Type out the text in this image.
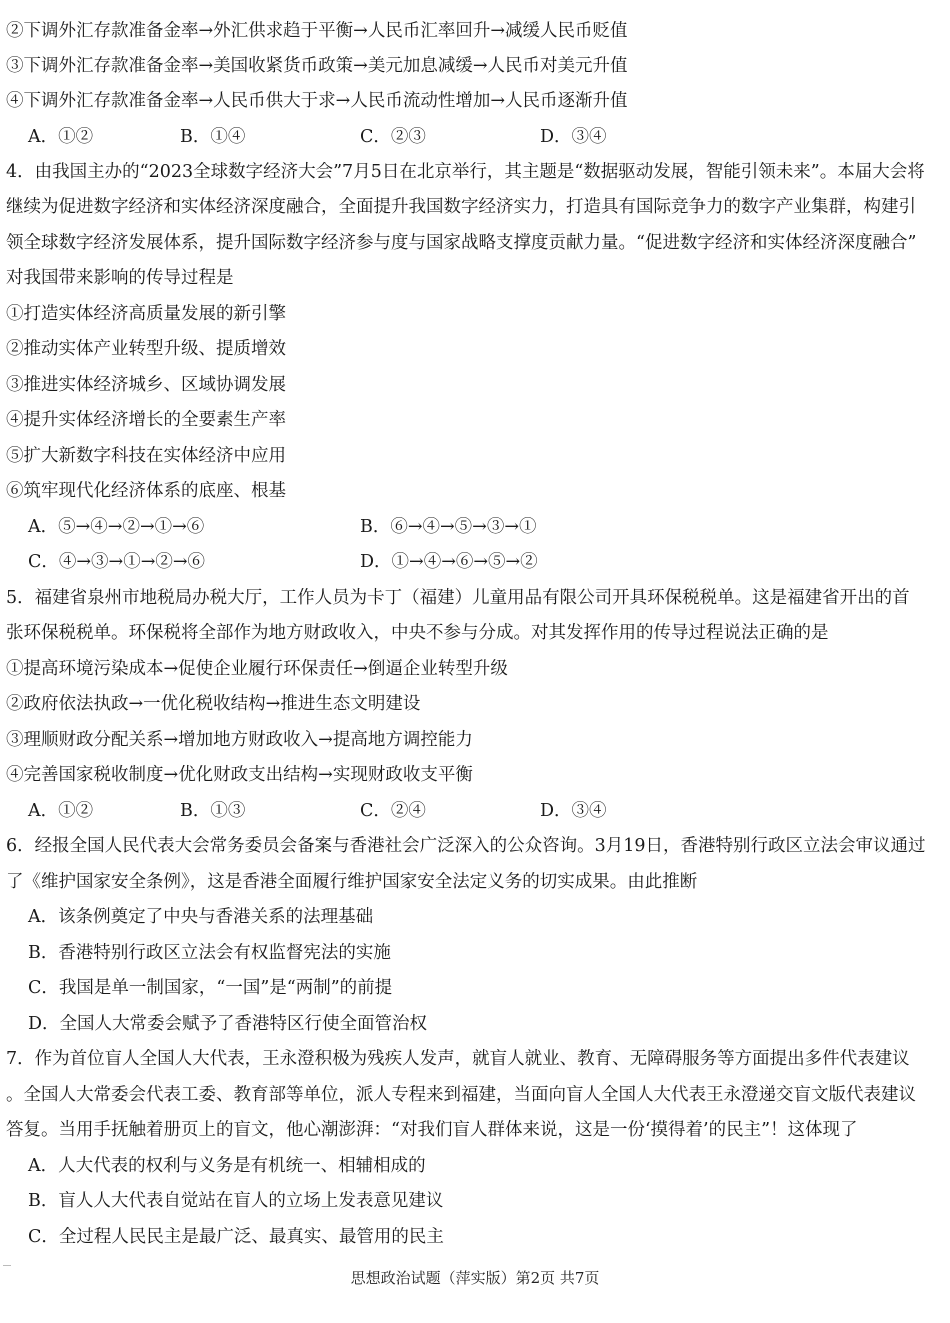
②下调外汇存款准备金率→外汇供求趋于平衡→人民币汇率回升→减缓人民币贬值
③下调外汇存款准备金率→美国收紧货币政策→美元加息减缓→人民币对美元升值
④下调外汇存款准备金率→人民币供大于求→人民币流动性增加→人民币逐渐升值
A．①②	B．①④	C．②③	D．③④
4．由我国主办的“2023全球数字经济大会”7月5日在北京举行，其主题是“数据驱动发展，智能引领未来”。本届大会将
继续为促进数字经济和实体经济深度融合，全面提升我国数字经济实力，打造具有国际竞争力的数字产业集群，构建引
领全球数字经济发展体系，提升国际数字经济参与度与国家战略支撑度贡献力量。“促进数字经济和实体经济深度融合”
对我国带来影响的传导过程是
①打造实体经济高质量发展的新引擎
②推动实体产业转型升级、提质增效
③推进实体经济城乡、区域协调发展
④提升实体经济增长的全要素生产率
⑤扩大新数字科技在实体经济中应用
⑥筑牢现代化经济体系的底座、根基
A．⑤→④→②→①→⑥	B．⑥→④→⑤→③→①
C．④→③→①→②→⑥	D．①→④→⑥→⑤→②
5．福建省泉州市地税局办税大厅，工作人员为卡丁（福建）儿童用品有限公司开具环保税税单。这是福建省开出的首
张环保税税单。环保税将全部作为地方财政收入，中央不参与分成。对其发挥作用的传导过程说法正确的是
①提高环境污染成本→促使企业履行环保责任→倒逼企业转型升级
②政府依法执政→一优化税收结构→推进生态文明建设
③理顺财政分配关系→增加地方财政收入→提高地方调控能力
④完善国家税收制度→优化财政支出结构→实现财政收支平衡
A．①②	B．①③	C．②④	D．③④
6．经报全国人民代表大会常务委员会备案与香港社会广泛深入的公众咨询。3月19日，香港特别行政区立法会审议通过
了《维护国家安全条例》，这是香港全面履行维护国家安全法定义务的切实成果。由此推断
A．该条例奠定了中央与香港关系的法理基础
B．香港特别行政区立法会有权监督宪法的实施
C．我国是单一制国家，“一国”是“两制”的前提
D．全国人大常委会赋予了香港特区行使全面管治权
7．作为首位盲人全国人大代表，王永澄积极为残疾人发声，就盲人就业、教育、无障碍服务等方面提出多件代表建议
。全国人大常委会代表工委、教育部等单位，派人专程来到福建，当面向盲人全国人大代表王永澄递交盲文版代表建议
答复。当用手抚触着册页上的盲文，他心潮澎湃：“对我们盲人群体来说，这是一份‘摸得着’的民主”！这体现了
A．人大代表的权利与义务是有机统一、相辅相成的
B．盲人人大代表自觉站在盲人的立场上发表意见建议
C．全过程人民民主是最广泛、最真实、最管用的民主
思想政治试题（萍实版）第2页 共7页
